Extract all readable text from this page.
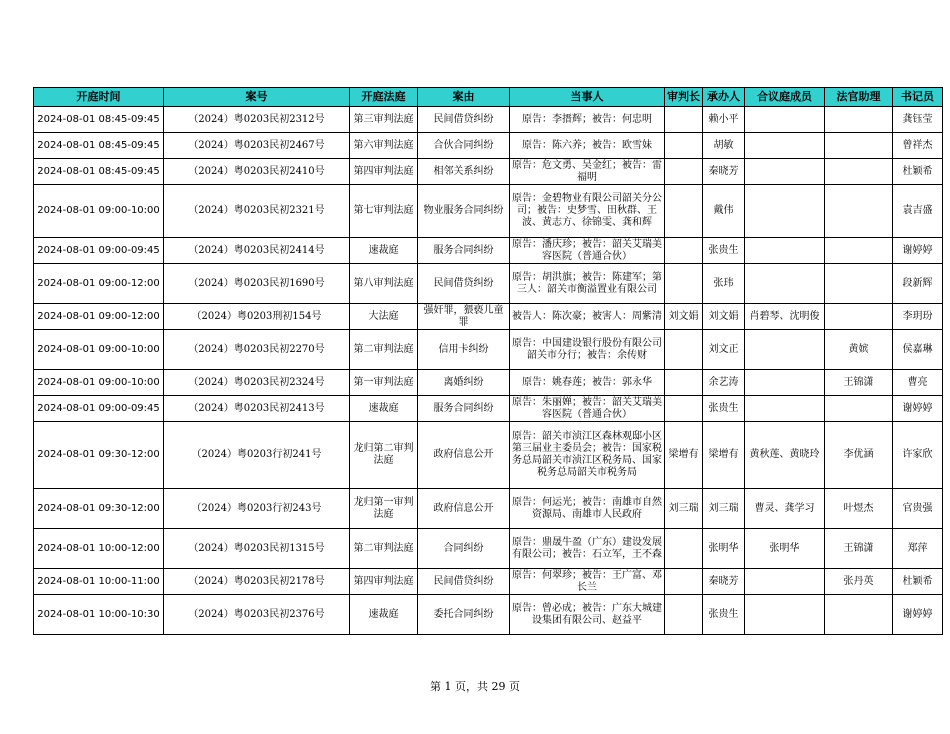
开庭时间	案号	开庭法庭	案由	当事人	审判长	承办人	合议庭成员	法官助理	书记员
2024-08-01 08:45-09:45	（2024）粤0203民初2312号	第三审判法庭	民间借贷纠纷	原告：李搢辉；被告：何忠明		赖小平			龚钰莹
2024-08-01 08:45-09:45	（2024）粤0203民初2467号	第六审判法庭	合伙合同纠纷	原告：陈六养；被告：欧雪妹		胡敏			曾祥杰
2024-08-01 08:45-09:45	（2024）粤0203民初2410号	第四审判法庭	相邻关系纠纷	原告：危文勇、吴金红；被告：雷福明		秦晓芳			杜颖希
2024-08-01 09:00-10:00	（2024）粤0203民初2321号	第七审判法庭	物业服务合同纠纷	原告：金碧物业有限公司韶关分公司；被告：史梦雪、田秋群、王波、黄志方、徐锦雯、龚和辉		戴伟			袁吉盛
2024-08-01 09:00-09:45	（2024）粤0203民初2414号	速裁庭	服务合同纠纷	原告：潘庆珍；被告：韶关艾瑞美容医院（普通合伙）		张贵生			谢婷婷
2024-08-01 09:00-12:00	（2024）粤0203民初1690号	第八审判法庭	民间借贷纠纷	原告：胡洪旗；被告：陈建军；第三人：韶关市衡溢置业有限公司		张玮			段新辉
2024-08-01 09:00-12:00	（2024）粤0203刑初154号	大法庭	强奸罪，猥亵儿童罪	被告人：陈次豪；被害人：周紫清	刘文娟	刘文娟	肖碧琴、沈明俊		李玥玢
2024-08-01 09:00-10:00	（2024）粤0203民初2270号	第二审判法庭	信用卡纠纷	原告：中国建设银行股份有限公司韶关市分行；被告：余传财		刘文正		黄嫔	侯嘉琳
2024-08-01 09:00-10:00	（2024）粤0203民初2324号	第一审判法庭	离婚纠纷	原告：姚春莲；被告：郭永华		余艺涛		王锦潇	曹亮
2024-08-01 09:00-09:45	（2024）粤0203民初2413号	速裁庭	服务合同纠纷	原告：朱丽婵；被告：韶关艾瑞美容医院（普通合伙）		张贵生			谢婷婷
2024-08-01 09:30-12:00	（2024）粤0203行初241号	龙归第二审判法庭	政府信息公开	原告：韶关市浈江区森林观邸小区第三届业主委员会；被告：国家税务总局韶关市浈江区税务局、国家税务总局韶关市税务局	梁增有	梁增有	黄秋莲、黄晓玲	李优涵	许家欣
2024-08-01 09:30-12:00	（2024）粤0203行初243号	龙归第一审判法庭	政府信息公开	原告：何运光；被告：南雄市自然资源局、南雄市人民政府	刘三瑞	刘三瑞	曹灵、龚学习	叶煜杰	官贵强
2024-08-01 10:00-12:00	（2024）粤0203民初1315号	第二审判法庭	合同纠纷	原告：鼎晟牛盈（广东）建设发展有限公司；被告：石立军，王不森		张明华	张明华	王锦潇	郑萍
2024-08-01 10:00-11:00	（2024）粤0203民初2178号	第四审判法庭	民间借贷纠纷	原告：何翠珍；被告：王广富、邓长兰		秦晓芳		张丹英	杜颖希
2024-08-01 10:00-10:30	（2024）粤0203民初2376号	速裁庭	委托合同纠纷	原告：曾必成；被告：广东大城建设集团有限公司、赵益平		张贵生			谢婷婷
第 1 页，共 29 页
